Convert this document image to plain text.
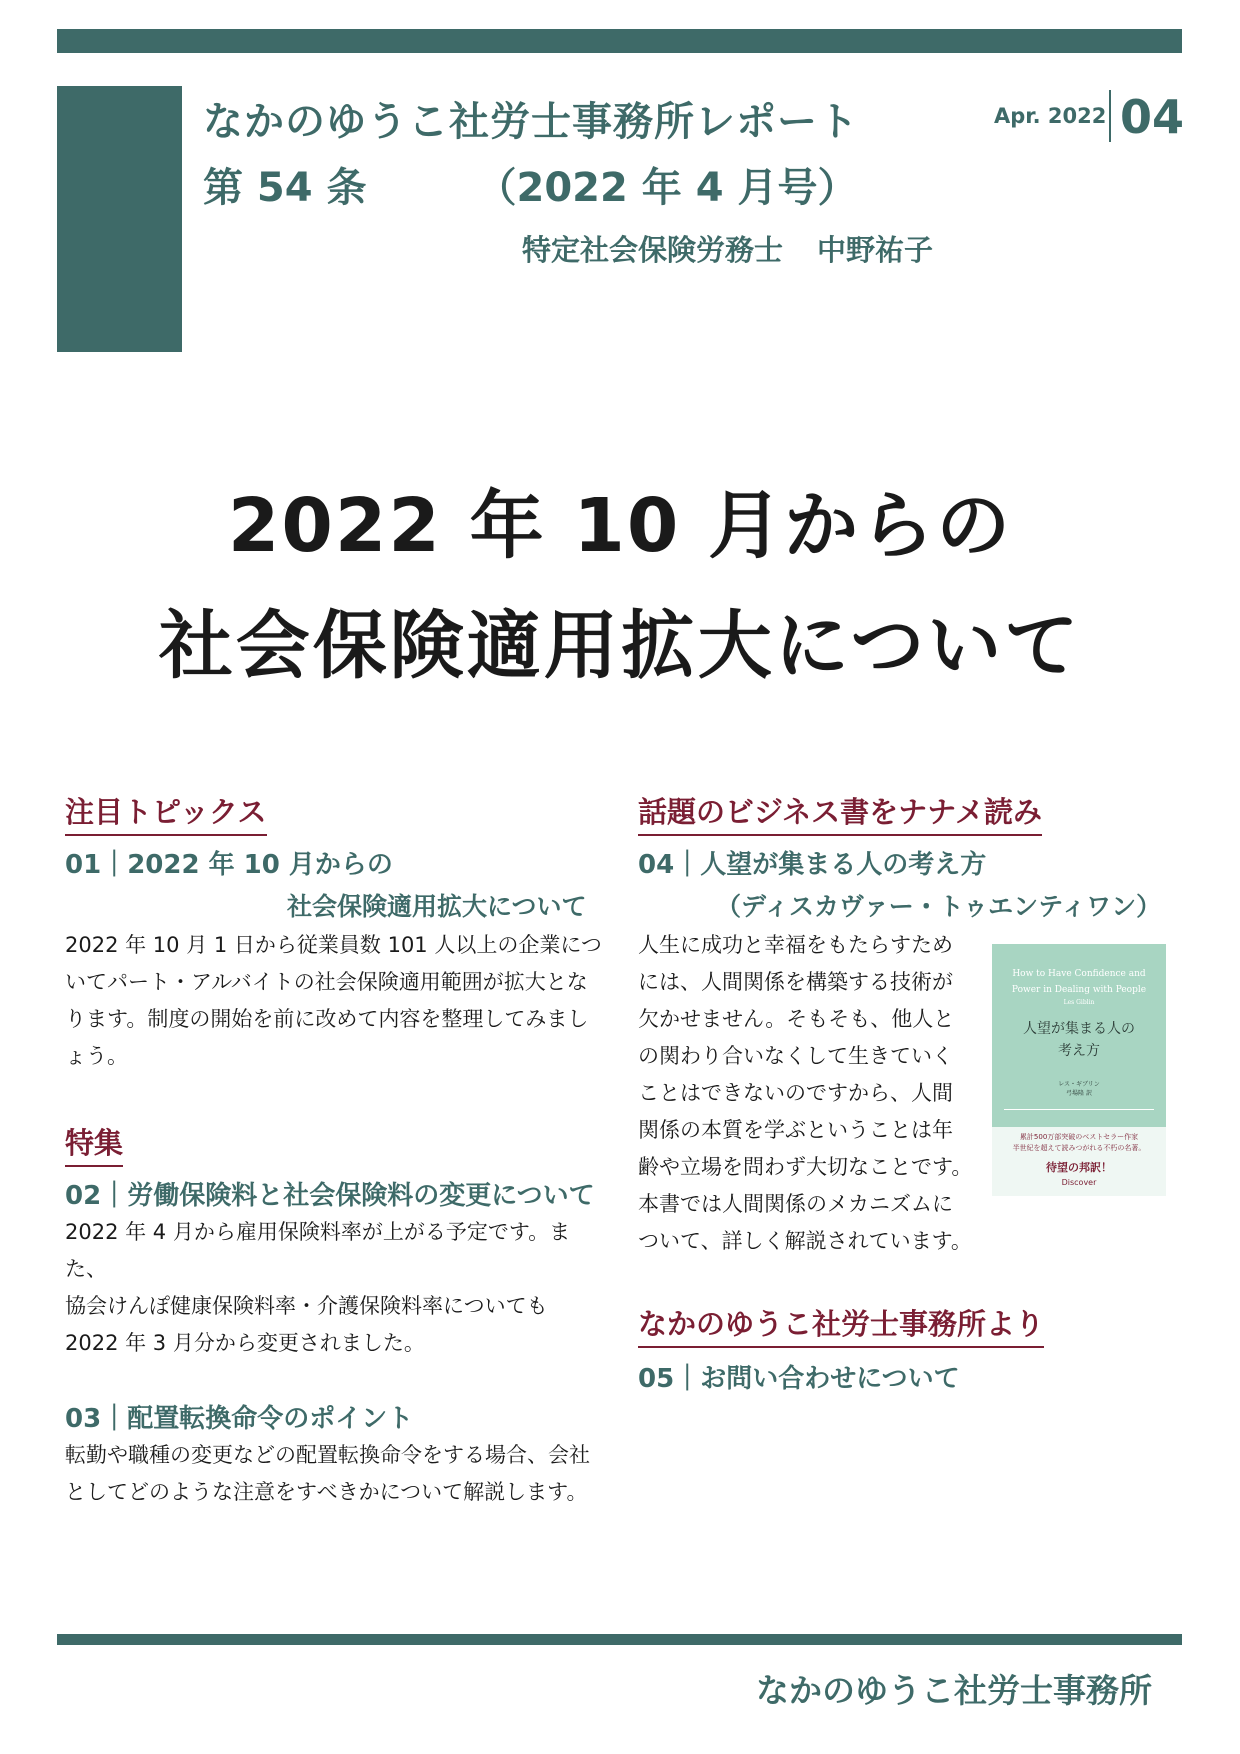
なかのゆうこ社労士事務所レポート
第 54 条	（2022 年 4 月号）
特定社会保険労務士 中野祐子
Apr. 2022 04
2022 年 10 月からの
社会保険適用拡大について
注目トピックス
01｜2022 年 10 月からの
社会保険適用拡大について
2022 年 10 月 1 日から従業員数 101 人以上の企業につ
いてパート・アルバイトの社会保険適用範囲が拡大とな
ります。制度の開始を前に改めて内容を整理してみまし
ょう。
特集
02｜労働保険料と社会保険料の変更について
2022 年 4 月から雇用保険料率が上がる予定です。また、
協会けんぽ健康保険料率・介護保険料率についても
2022 年 3 月分から変更されました。
03｜配置転換命令のポイント
転勤や職種の変更などの配置転換命令をする場合、会社
としてどのような注意をすべきかについて解説します。
話題のビジネス書をナナメ読み
04｜人望が集まる人の考え方
（ディスカヴァー・トゥエンティワン）
人生に成功と幸福をもたらすため
には、人間関係を構築する技術が
欠かせません。そもそも、他人と
の関わり合いなくして生きていく
ことはできないのですから、人間
関係の本質を学ぶということは年
齢や立場を問わず大切なことです。
本書では人間関係のメカニズムに
ついて、詳しく解説されています。
なかのゆうこ社労士事務所より
05｜お問い合わせについて
How to Have Confidence and
Power in Dealing with People
Les Giblin
人望が集まる人の
考え方
レス・ギブリン
弓場隆 訳
累計500万部突破のベストセラー作家
半世紀を超えて読みつがれる不朽の名著。
待望の邦訳！
Discover
なかのゆうこ社労士事務所
